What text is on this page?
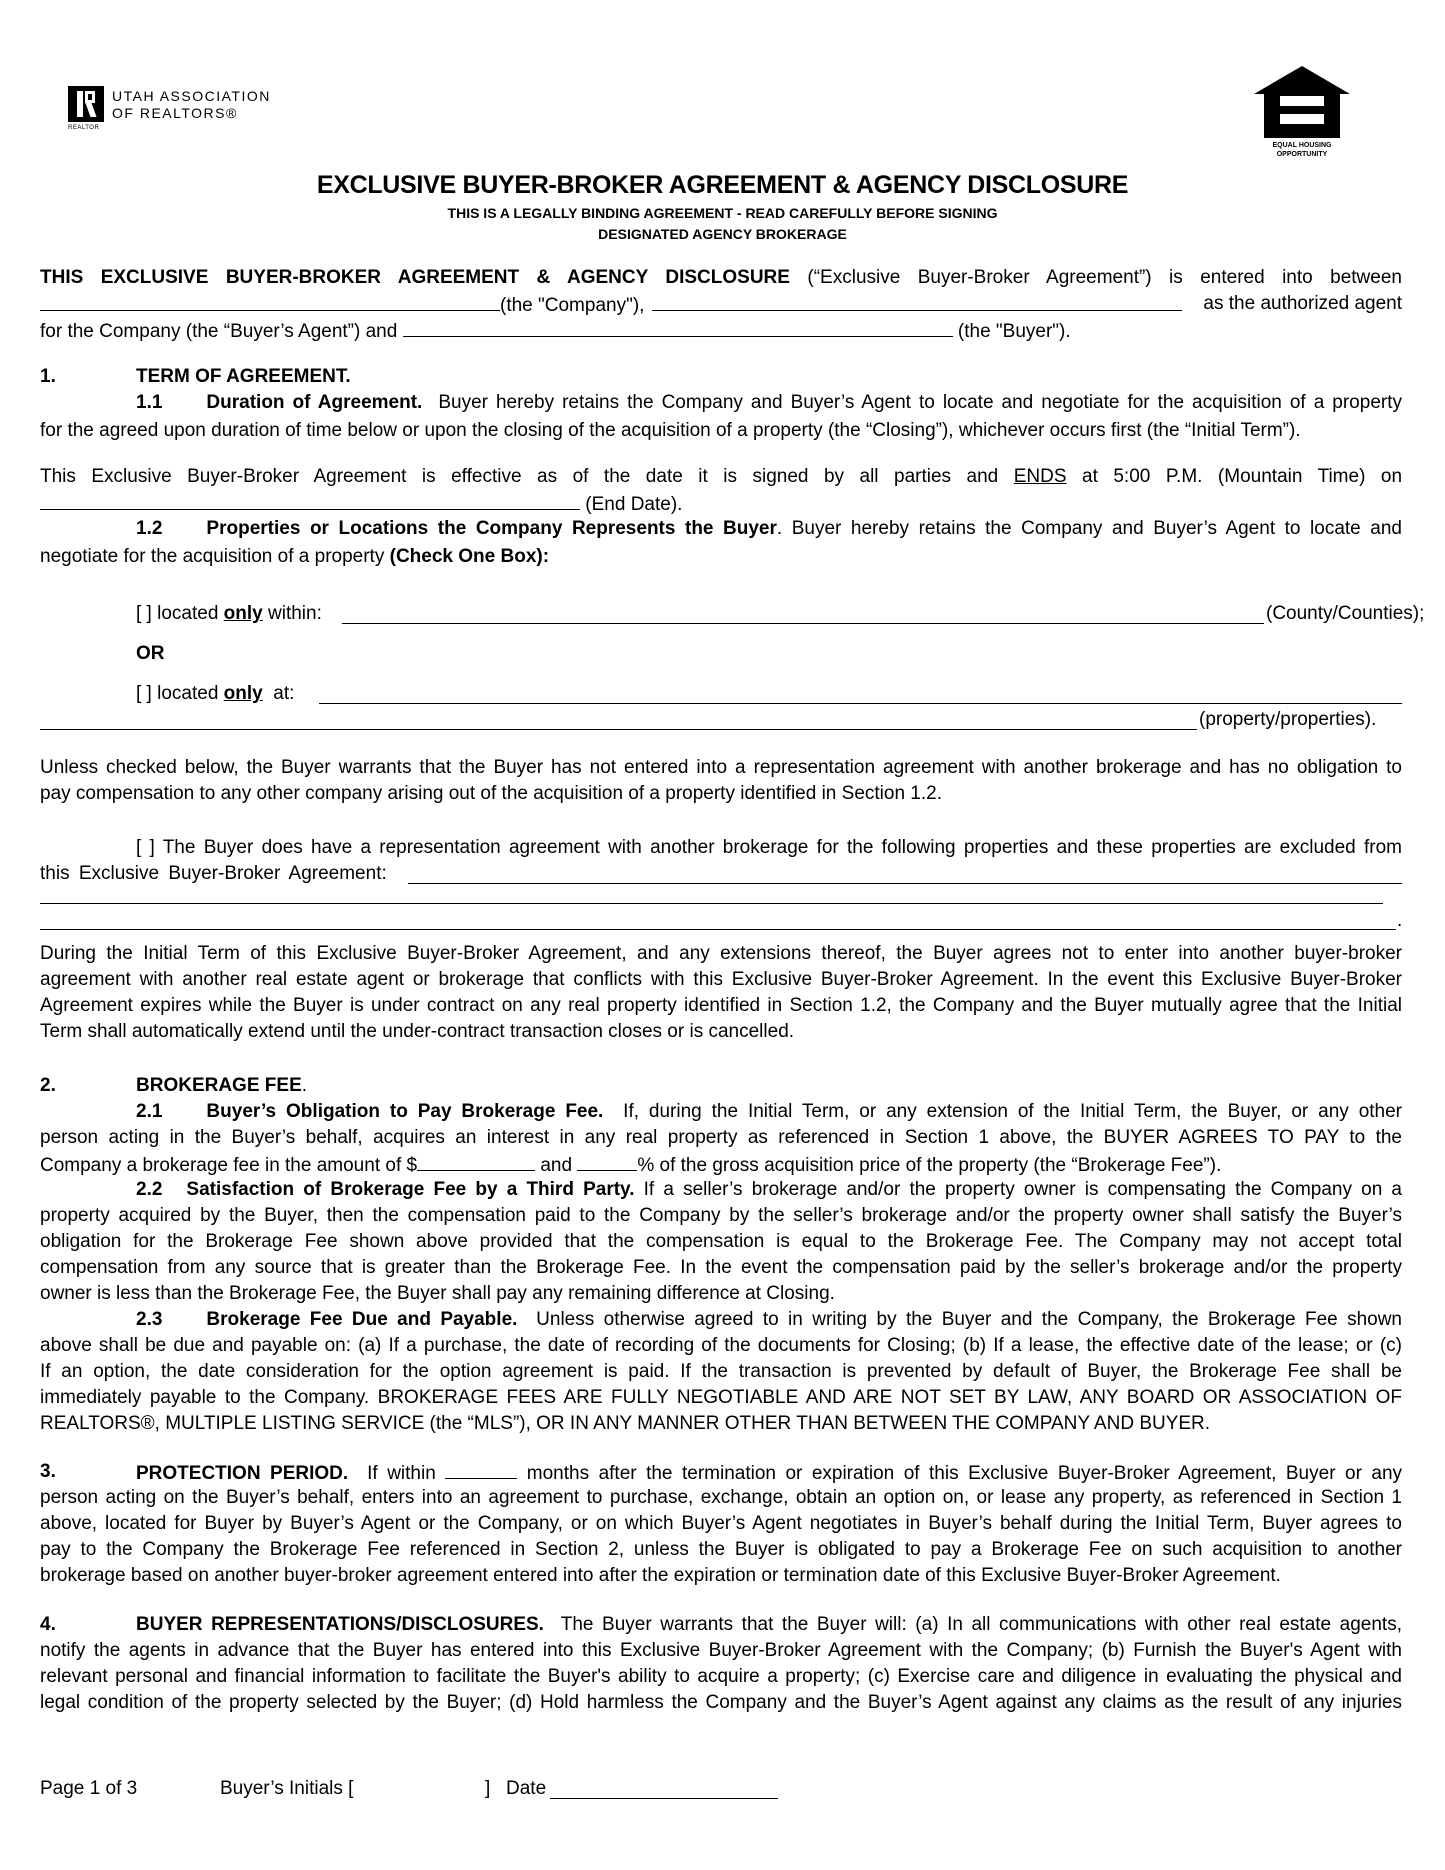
REALTOR
UTAH ASSOCIATION
OF REALTORS®
EQUAL HOUSING
OPPORTUNITY
EXCLUSIVE BUYER-BROKER AGREEMENT & AGENCY DISCLOSURE
THIS IS A LEGALLY BINDING AGREEMENT - READ CAREFULLY BEFORE SIGNING
DESIGNATED AGENCY BROKERAGE
THIS EXCLUSIVE BUYER-BROKER AGREEMENT & AGENCY DISCLOSURE (“Exclusive Buyer-Broker Agreement”) is entered into between
(the "Company"),	as the authorized agent
for the Company (the “Buyer’s Agent”) and	(the "Buyer").
1.	TERM OF AGREEMENT.
1.1 Duration of Agreement. Buyer hereby retains the Company and Buyer’s Agent to locate and negotiate for the acquisition of a property
for the agreed upon duration of time below or upon the closing of the acquisition of a property (the “Closing”), whichever occurs first (the “Initial Term”).
This Exclusive Buyer-Broker Agreement is effective as of the date it is signed by all parties and ENDS at 5:00 P.M. (Mountain Time) on
(End Date).
1.2 Properties or Locations the Company Represents the Buyer. Buyer hereby retains the Company and Buyer’s Agent to locate and
negotiate for the acquisition of a property (Check One Box):
[ ] located only within:	(County/Counties);
OR
[ ] located only at:
(property/properties).
Unless checked below, the Buyer warrants that the Buyer has not entered into a representation agreement with another brokerage and has no obligation to
pay compensation to any other company arising out of the acquisition of a property identified in Section 1.2.
[ ] The Buyer does have a representation agreement with another brokerage for the following properties and these properties are excluded from
this Exclusive Buyer-Broker Agreement:
.
During the Initial Term of this Exclusive Buyer-Broker Agreement, and any extensions thereof, the Buyer agrees not to enter into another buyer-broker
agreement with another real estate agent or brokerage that conflicts with this Exclusive Buyer-Broker Agreement. In the event this Exclusive Buyer-Broker
Agreement expires while the Buyer is under contract on any real property identified in Section 1.2, the Company and the Buyer mutually agree that the Initial
Term shall automatically extend until the under-contract transaction closes or is cancelled.
2.	BROKERAGE FEE.
2.1 Buyer’s Obligation to Pay Brokerage Fee. If, during the Initial Term, or any extension of the Initial Term, the Buyer, or any other
person acting in the Buyer’s behalf, acquires an interest in any real property as referenced in Section 1 above, the BUYER AGREES TO PAY to the
Company a brokerage fee in the amount of $	and	% of the gross acquisition price of the property (the “Brokerage Fee”).
2.2 Satisfaction of Brokerage Fee by a Third Party. If a seller’s brokerage and/or the property owner is compensating the Company on a
property acquired by the Buyer, then the compensation paid to the Company by the seller’s brokerage and/or the property owner shall satisfy the Buyer’s
obligation for the Brokerage Fee shown above provided that the compensation is equal to the Brokerage Fee. The Company may not accept total
compensation from any source that is greater than the Brokerage Fee. In the event the compensation paid by the seller’s brokerage and/or the property
owner is less than the Brokerage Fee, the Buyer shall pay any remaining difference at Closing.
2.3 Brokerage Fee Due and Payable. Unless otherwise agreed to in writing by the Buyer and the Company, the Brokerage Fee shown
above shall be due and payable on: (a) If a purchase, the date of recording of the documents for Closing; (b) If a lease, the effective date of the lease; or (c)
If an option, the date consideration for the option agreement is paid. If the transaction is prevented by default of Buyer, the Brokerage Fee shall be
immediately payable to the Company. BROKERAGE FEES ARE FULLY NEGOTIABLE AND ARE NOT SET BY LAW, ANY BOARD OR ASSOCIATION OF
REALTORS®, MULTIPLE LISTING SERVICE (the “MLS”), OR IN ANY MANNER OTHER THAN BETWEEN THE COMPANY AND BUYER.
3.	PROTECTION PERIOD. If within	months after the termination or expiration of this Exclusive Buyer-Broker Agreement, Buyer or any
person acting on the Buyer’s behalf, enters into an agreement to purchase, exchange, obtain an option on, or lease any property, as referenced in Section 1
above, located for Buyer by Buyer’s Agent or the Company, or on which Buyer’s Agent negotiates in Buyer’s behalf during the Initial Term, Buyer agrees to
pay to the Company the Brokerage Fee referenced in Section 2, unless the Buyer is obligated to pay a Brokerage Fee on such acquisition to another
brokerage based on another buyer-broker agreement entered into after the expiration or termination date of this Exclusive Buyer-Broker Agreement.
4.	BUYER REPRESENTATIONS/DISCLOSURES. The Buyer warrants that the Buyer will: (a) In all communications with other real estate agents,
notify the agents in advance that the Buyer has entered into this Exclusive Buyer-Broker Agreement with the Company; (b) Furnish the Buyer's Agent with
relevant personal and financial information to facilitate the Buyer's ability to acquire a property; (c) Exercise care and diligence in evaluating the physical and
legal condition of the property selected by the Buyer; (d) Hold harmless the Company and the Buyer’s Agent against any claims as the result of any injuries
Page 1 of 3	Buyer’s Initials [	] Date
